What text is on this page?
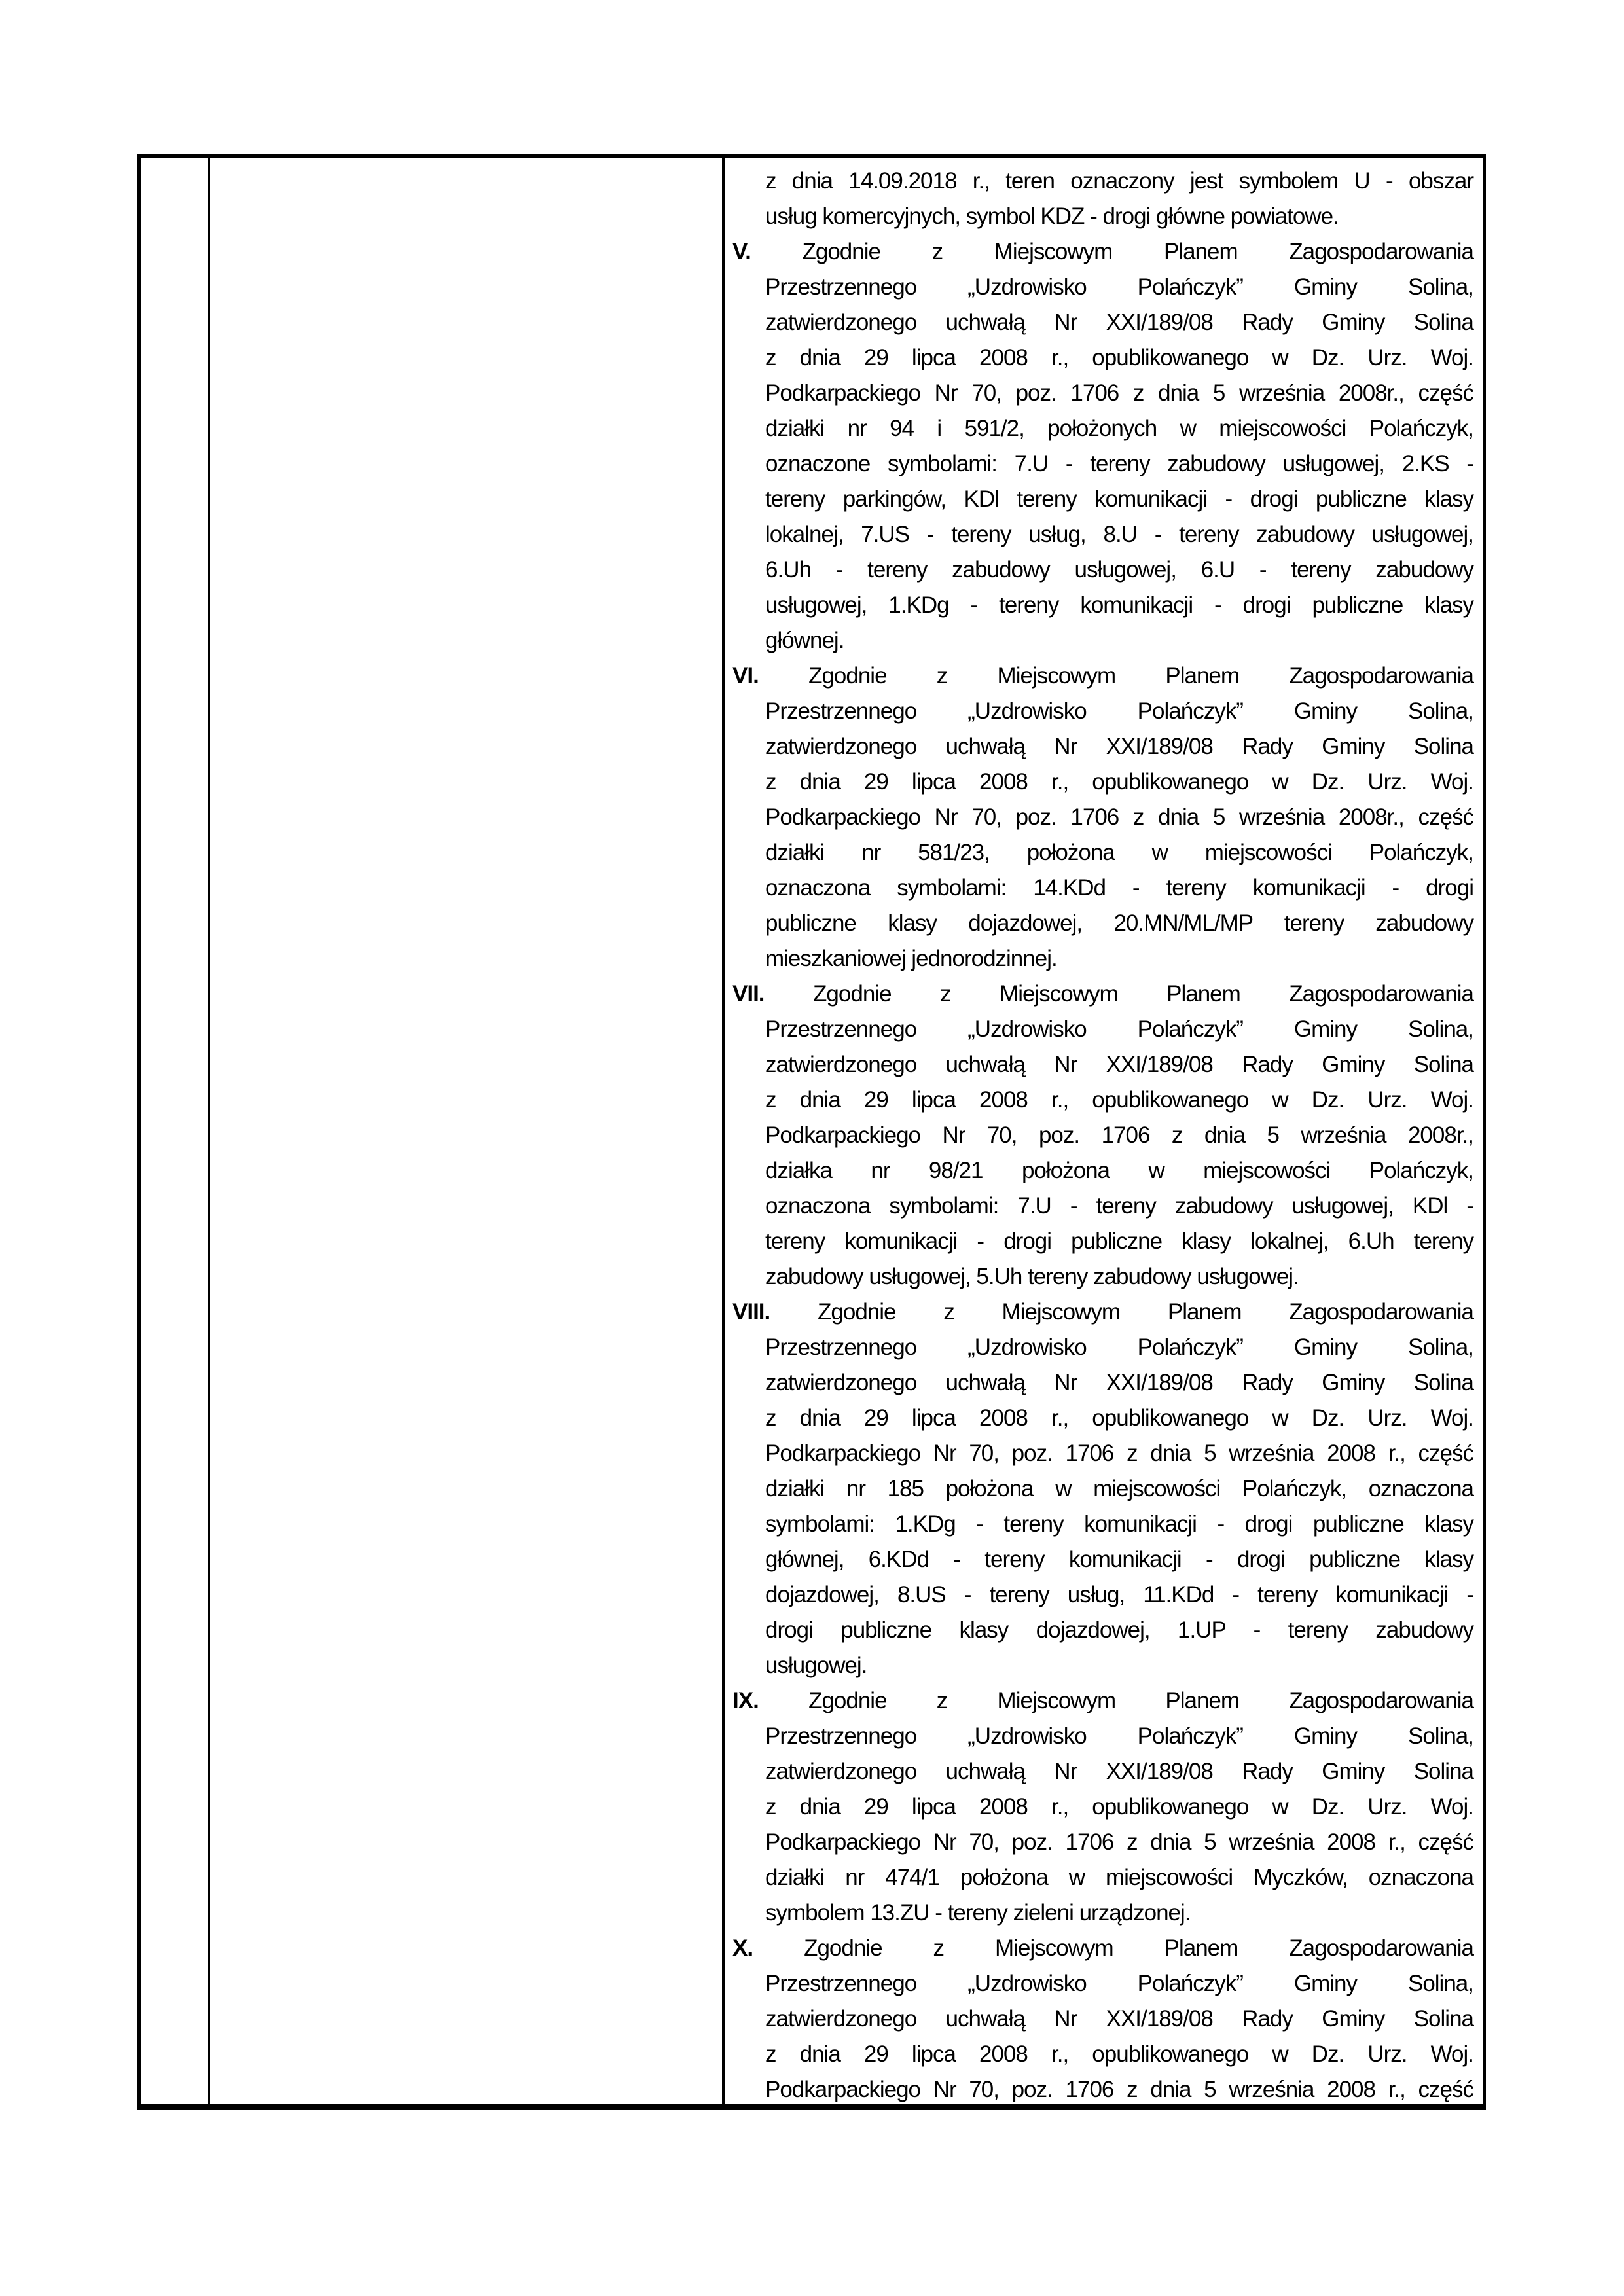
z dnia 14.09.2018 r., teren oznaczony jest symbolem U - obszar
usług komercyjnych, symbol KDZ - drogi główne powiatowe.
V. Zgodnie z Miejscowym Planem Zagospodarowania
Przestrzennego „Uzdrowisko Polańczyk” Gminy Solina,
zatwierdzonego uchwałą Nr XXI/189/08 Rady Gminy Solina
z dnia 29 lipca 2008 r., opublikowanego w Dz. Urz. Woj.
Podkarpackiego Nr 70, poz. 1706 z dnia 5 września 2008r., część
działki nr 94 i 591/2, położonych w miejscowości Polańczyk,
oznaczone symbolami: 7.U - tereny zabudowy usługowej, 2.KS -
tereny parkingów, KDl tereny komunikacji - drogi publiczne klasy
lokalnej, 7.US - tereny usług, 8.U - tereny zabudowy usługowej,
6.Uh - tereny zabudowy usługowej, 6.U - tereny zabudowy
usługowej, 1.KDg - tereny komunikacji - drogi publiczne klasy
głównej.
VI. Zgodnie z Miejscowym Planem Zagospodarowania
Przestrzennego „Uzdrowisko Polańczyk” Gminy Solina,
zatwierdzonego uchwałą Nr XXI/189/08 Rady Gminy Solina
z dnia 29 lipca 2008 r., opublikowanego w Dz. Urz. Woj.
Podkarpackiego Nr 70, poz. 1706 z dnia 5 września 2008r., część
działki nr 581/23, położona w miejscowości Polańczyk,
oznaczona symbolami: 14.KDd - tereny komunikacji - drogi
publiczne klasy dojazdowej, 20.MN/ML/MP tereny zabudowy
mieszkaniowej jednorodzinnej.
VII. Zgodnie z Miejscowym Planem Zagospodarowania
Przestrzennego „Uzdrowisko Polańczyk” Gminy Solina,
zatwierdzonego uchwałą Nr XXI/189/08 Rady Gminy Solina
z dnia 29 lipca 2008 r., opublikowanego w Dz. Urz. Woj.
Podkarpackiego Nr 70, poz. 1706 z dnia 5 września 2008r.,
działka nr 98/21 położona w miejscowości Polańczyk,
oznaczona symbolami: 7.U - tereny zabudowy usługowej, KDl -
tereny komunikacji - drogi publiczne klasy lokalnej, 6.Uh tereny
zabudowy usługowej, 5.Uh tereny zabudowy usługowej.
VIII. Zgodnie z Miejscowym Planem Zagospodarowania
Przestrzennego „Uzdrowisko Polańczyk” Gminy Solina,
zatwierdzonego uchwałą Nr XXI/189/08 Rady Gminy Solina
z dnia 29 lipca 2008 r., opublikowanego w Dz. Urz. Woj.
Podkarpackiego Nr 70, poz. 1706 z dnia 5 września 2008 r., część
działki nr 185 położona w miejscowości Polańczyk, oznaczona
symbolami: 1.KDg - tereny komunikacji - drogi publiczne klasy
głównej, 6.KDd - tereny komunikacji - drogi publiczne klasy
dojazdowej, 8.US - tereny usług, 11.KDd - tereny komunikacji -
drogi publiczne klasy dojazdowej, 1.UP - tereny zabudowy
usługowej.
IX. Zgodnie z Miejscowym Planem Zagospodarowania
Przestrzennego „Uzdrowisko Polańczyk” Gminy Solina,
zatwierdzonego uchwałą Nr XXI/189/08 Rady Gminy Solina
z dnia 29 lipca 2008 r., opublikowanego w Dz. Urz. Woj.
Podkarpackiego Nr 70, poz. 1706 z dnia 5 września 2008 r., część
działki nr 474/1 położona w miejscowości Myczków, oznaczona
symbolem 13.ZU - tereny zieleni urządzonej.
X. Zgodnie z Miejscowym Planem Zagospodarowania
Przestrzennego „Uzdrowisko Polańczyk” Gminy Solina,
zatwierdzonego uchwałą Nr XXI/189/08 Rady Gminy Solina
z dnia 29 lipca 2008 r., opublikowanego w Dz. Urz. Woj.
Podkarpackiego Nr 70, poz. 1706 z dnia 5 września 2008 r., część
